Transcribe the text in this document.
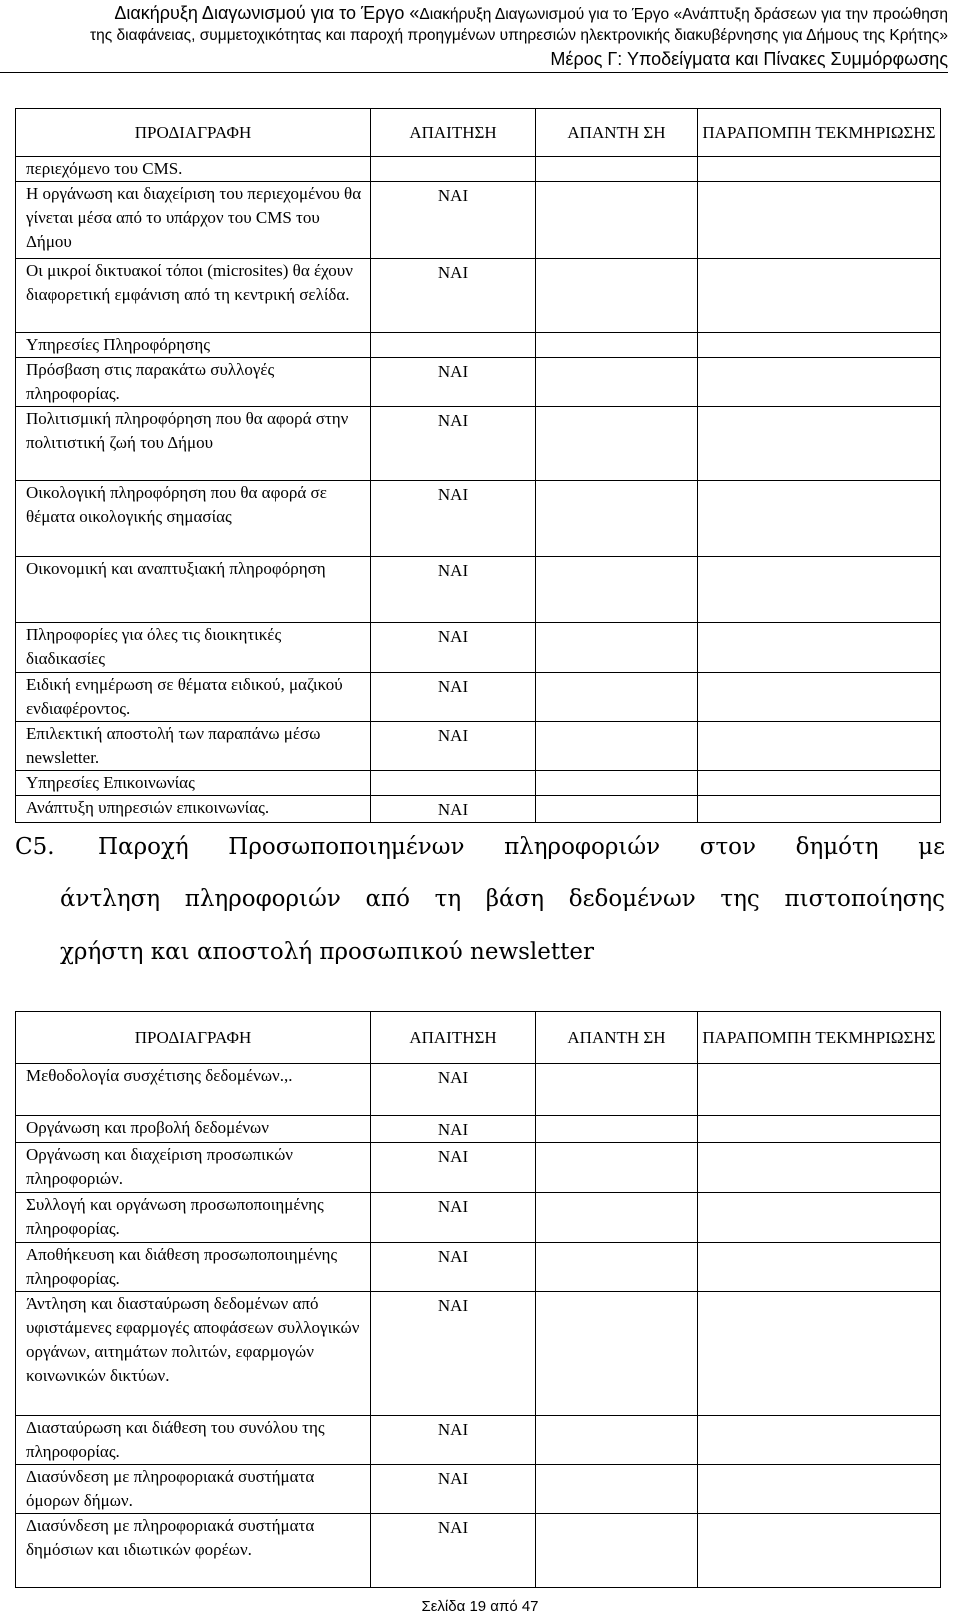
Διακήρυξη Διαγωνισμού για το Έργο «Διακήρυξη Διαγωνισμού για το Έργο «Ανάπτυξη δράσεων για την προώθηση
της διαφάνειας, συμμετοχικότητας και παροχή προηγμένων υπηρεσιών ηλεκτρονικής διακυβέρνησης για Δήμους της Κρήτης»
Μέρος Γ: Υποδείγματα και Πίνακες Συμμόρφωσης
ΠΡΟΔΙΑΓΡΑΦΗ	ΑΠΑΙΤΗΣΗ	ΑΠΑΝΤΗ ΣΗ	ΠΑΡΑΠΟΜΠΗ ΤΕΚΜΗΡΙΩΣΗΣ
περιεχόμενο του CMS.			
Η οργάνωση και διαχείριση του περιεχομένου θα γίνεται μέσα από το υπάρχον του CMS του Δήμου	ΝΑΙ		
Οι μικροί δικτυακοί τόποι (microsites) θα έχουν διαφορετική εμφάνιση από τη κεντρική σελίδα.	ΝΑΙ		
Υπηρεσίες Πληροφόρησης			
Πρόσβαση στις παρακάτω συλλογές πληροφορίας.	ΝΑΙ		
Πολιτισμική πληροφόρηση που θα αφορά στην πολιτιστική ζωή του Δήμου	ΝΑΙ		
Οικολογική πληροφόρηση που θα αφορά σε θέματα οικολογικής σημασίας	ΝΑΙ		
Οικονομική και αναπτυξιακή πληροφόρηση	ΝΑΙ		
Πληροφορίες για όλες τις διοικητικές διαδικασίες	ΝΑΙ		
Ειδική ενημέρωση σε θέματα ειδικού, μαζικού ενδιαφέροντος.	ΝΑΙ		
Επιλεκτική αποστολή των παραπάνω μέσω newsletter.	ΝΑΙ		
Υπηρεσίες Επικοινωνίας			
Ανάπτυξη υπηρεσιών επικοινωνίας.	ΝΑΙ		
C5. Παροχή Προσωποποιημένων πληροφοριών στον δημότη με
άντληση πληροφοριών από τη βάση δεδομένων της πιστοποίησης
χρήστη και αποστολή προσωπικού newsletter
ΠΡΟΔΙΑΓΡΑΦΗ	ΑΠΑΙΤΗΣΗ	ΑΠΑΝΤΗ ΣΗ	ΠΑΡΑΠΟΜΠΗ ΤΕΚΜΗΡΙΩΣΗΣ
Μεθοδολογία συσχέτισης δεδομένων.,.	ΝΑΙ		
Οργάνωση και προβολή δεδομένων	ΝΑΙ		
Οργάνωση και διαχείριση προσωπικών πληροφοριών.	ΝΑΙ		
Συλλογή και οργάνωση προσωποποιημένης πληροφορίας.	ΝΑΙ		
Αποθήκευση και διάθεση προσωποποιημένης πληροφορίας.	ΝΑΙ		
Άντληση και διασταύρωση δεδομένων από υφιστάμενες εφαρμογές αποφάσεων συλλογικών οργάνων, αιτημάτων πολιτών, εφαρμογών κοινωνικών δικτύων.	ΝΑΙ		
Διασταύρωση και διάθεση του συνόλου της πληροφορίας.	ΝΑΙ		
Διασύνδεση με πληροφοριακά συστήματα όμορων δήμων.	ΝΑΙ		
Διασύνδεση με πληροφοριακά συστήματα δημόσιων και ιδιωτικών φορέων.	ΝΑΙ		
Σελίδα 19 από 47
